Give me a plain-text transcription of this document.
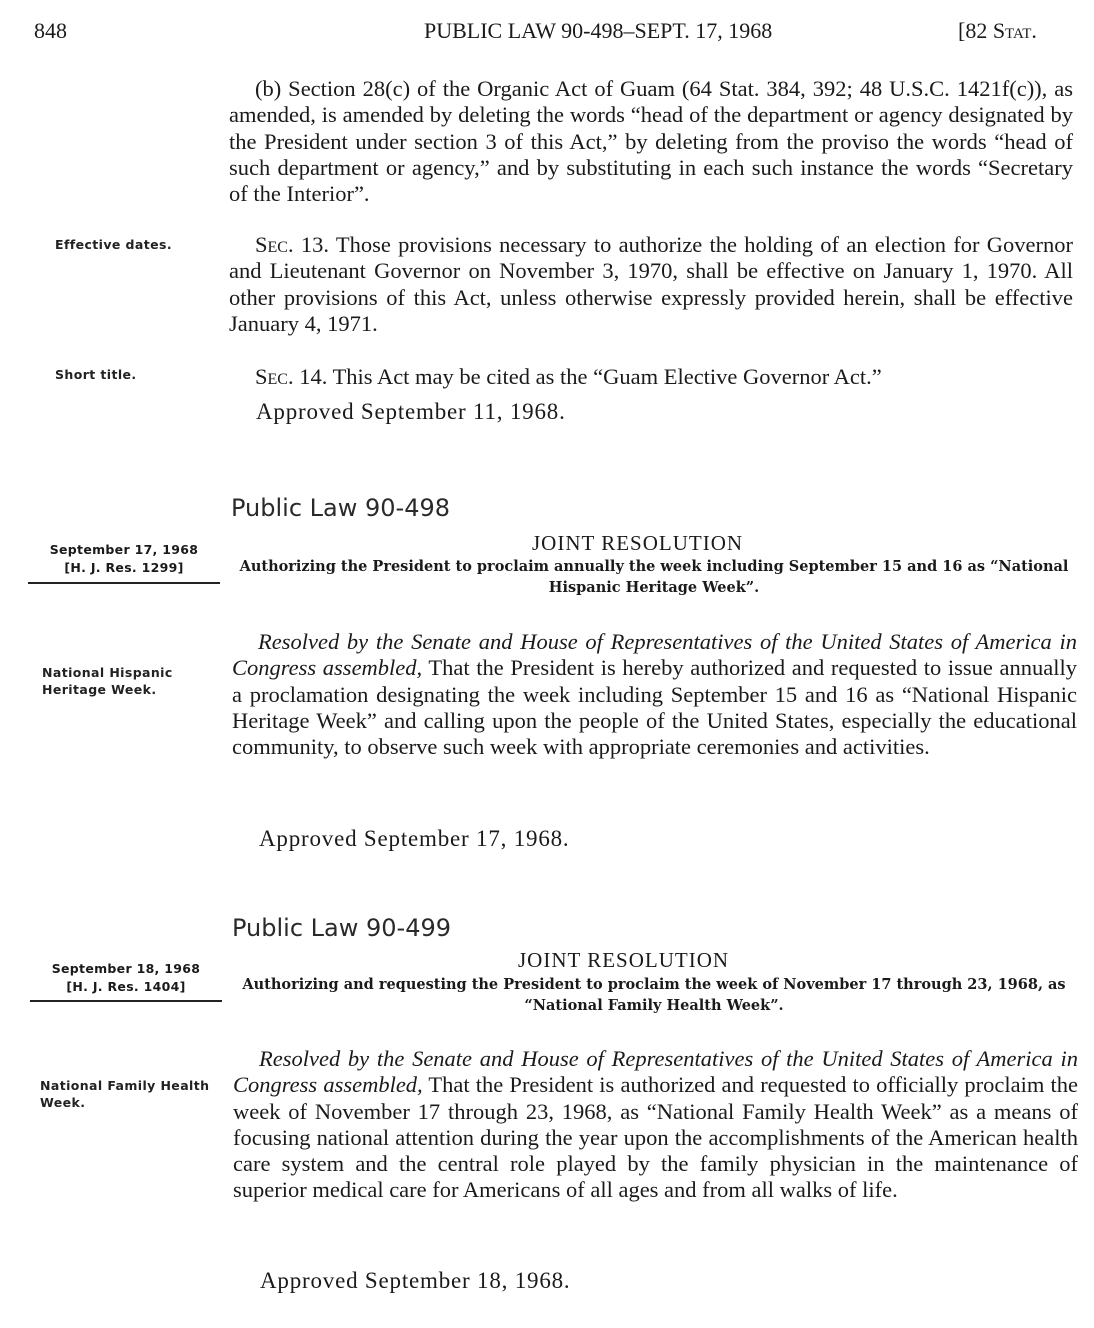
848	PUBLIC LAW 90-498–SEPT. 17, 1968	[82 Stat.
(b) Section 28(c) of the Organic Act of Guam (64 Stat. 384, 392; 48 U.S.C. 1421f(c)), as amended, is amended by deleting the words “head of the department or agency designated by the President under section 3 of this Act,” by deleting from the proviso the words “head of such department or agency,” and by substituting in each such instance the words “Secretary of the Interior”.
Effective dates.	Sec. 13. Those provisions necessary to authorize the holding of an election for Governor and Lieutenant Governor on November 3, 1970, shall be effective on January 1, 1970. All other provisions of this Act, unless otherwise expressly provided herein, shall be effective January 4, 1971.
Short title.	Sec. 14. This Act may be cited as the “Guam Elective Governor Act.”
Approved September 11, 1968.
Public Law 90-498
JOINT RESOLUTION
September 17, 1968
[H. J. Res. 1299]	Authorizing the President to proclaim annually the week including September 15 and 16 as “National Hispanic Heritage Week”.
National Hispanic Heritage Week.
Resolved by the Senate and House of Representatives of the United States of America in Congress assembled, That the President is hereby authorized and requested to issue annually a proclamation designating the week including September 15 and 16 as “National Hispanic Heritage Week” and calling upon the people of the United States, especially the educational community, to observe such week with appropriate ceremonies and activities.
Approved September 17, 1968.
Public Law 90-499
JOINT RESOLUTION
September 18, 1968
[H. J. Res. 1404]	Authorizing and requesting the President to proclaim the week of November 17 through 23, 1968, as “National Family Health Week”.
National Family Health Week.
Resolved by the Senate and House of Representatives of the United States of America in Congress assembled, That the President is authorized and requested to officially proclaim the week of November 17 through 23, 1968, as “National Family Health Week” as a means of focusing national attention during the year upon the accomplishments of the American health care system and the central role played by the family physician in the maintenance of superior medical care for Americans of all ages and from all walks of life.
Approved September 18, 1968.
